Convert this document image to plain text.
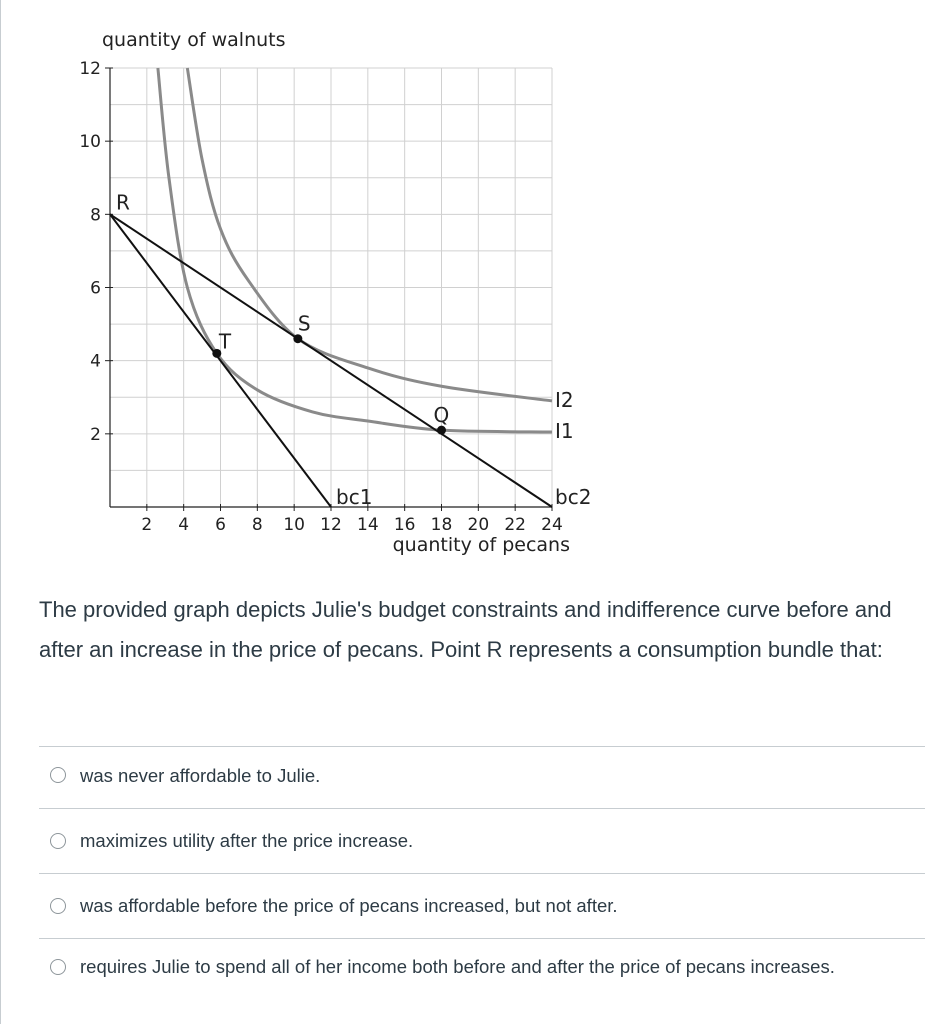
2
4
6
8
10
12
2 4 6 8 10 12 14 16 18 20 22 24
quantity of walnuts
quantity of pecans
I1
I2
bc1	bc2
R
T
S
Q
The provided graph depicts Julie's budget constraints and indifference curve before and after an increase in the price of pecans. Point R represents a consumption bundle that:
was never affordable to Julie.
maximizes utility after the price increase.
was affordable before the price of pecans increased, but not after.
requires Julie to spend all of her income both before and after the price of pecans increases.
